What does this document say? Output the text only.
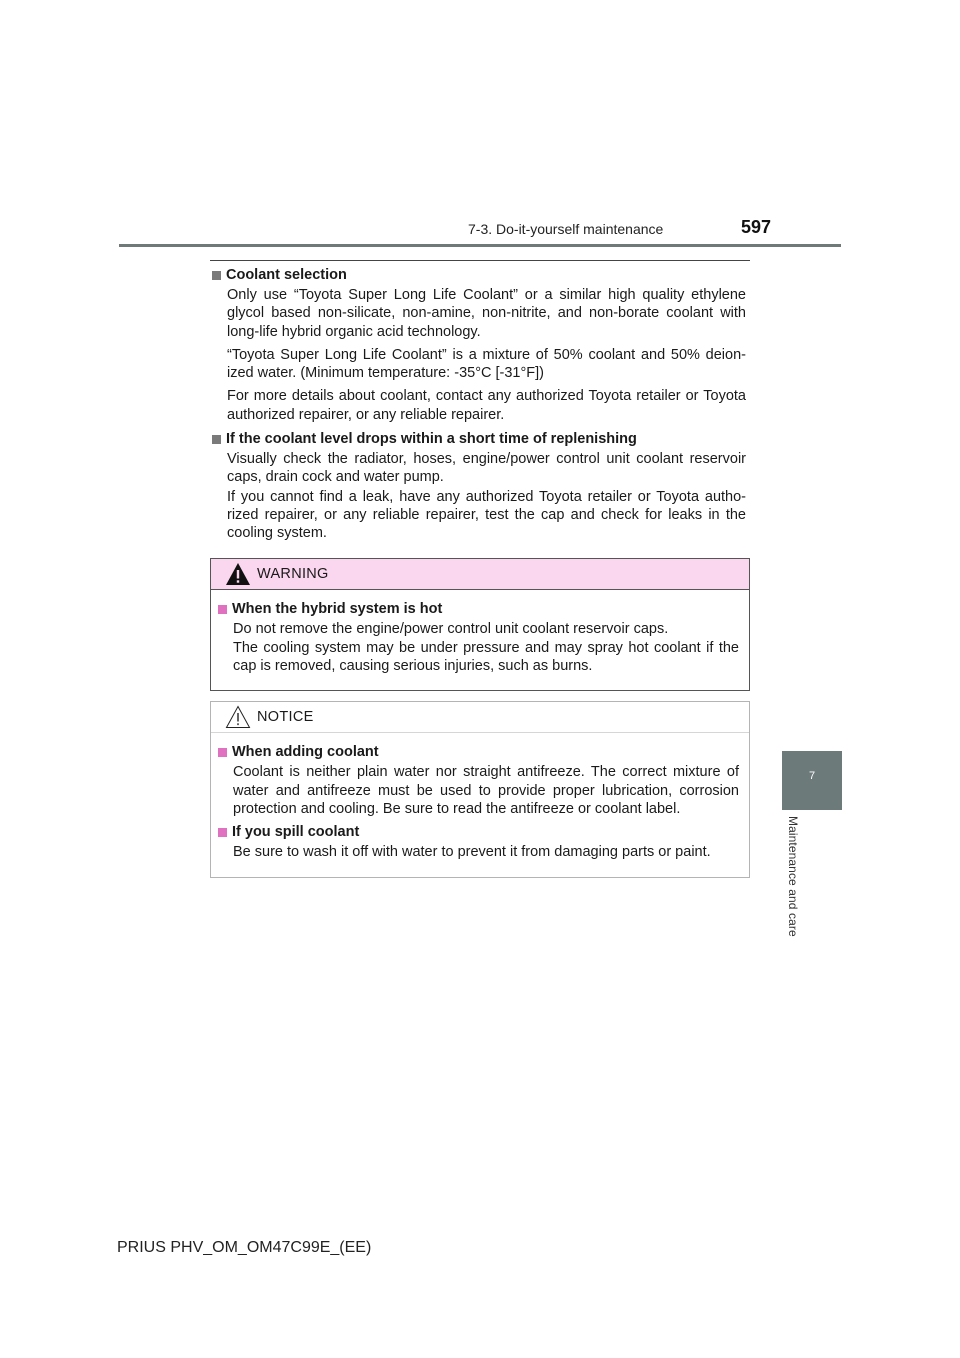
7-3. Do-it-yourself maintenance	597
7
Maintenance and care
Coolant selection
Only use “Toyota Super Long Life Coolant” or a similar high quality ethylene glycol based non-silicate, non-amine, non-nitrite, and non-borate coolant with long-life hybrid organic acid technology.
“Toyota Super Long Life Coolant” is a mixture of 50% coolant and 50% deion-ized water. (Minimum temperature: -35°C [-31°F])
For more details about coolant, contact any authorized Toyota retailer or Toyota authorized repairer, or any reliable repairer.
If the coolant level drops within a short time of replenishing
Visually check the radiator, hoses, engine/power control unit coolant reservoir caps, drain cock and water pump.
If you cannot find a leak, have any authorized Toyota retailer or Toyota autho-rized repairer, or any reliable repairer, test the cap and check for leaks in the cooling system.
WARNING
When the hybrid system is hot
Do not remove the engine/power control unit coolant reservoir caps.
The cooling system may be under pressure and may spray hot coolant if the cap is removed, causing serious injuries, such as burns.
NOTICE
When adding coolant
Coolant is neither plain water nor straight antifreeze. The correct mixture of water and antifreeze must be used to provide proper lubrication, corrosion protection and cooling. Be sure to read the antifreeze or coolant label.
If you spill coolant
Be sure to wash it off with water to prevent it from damaging parts or paint.
PRIUS PHV_OM_OM47C99E_(EE)
